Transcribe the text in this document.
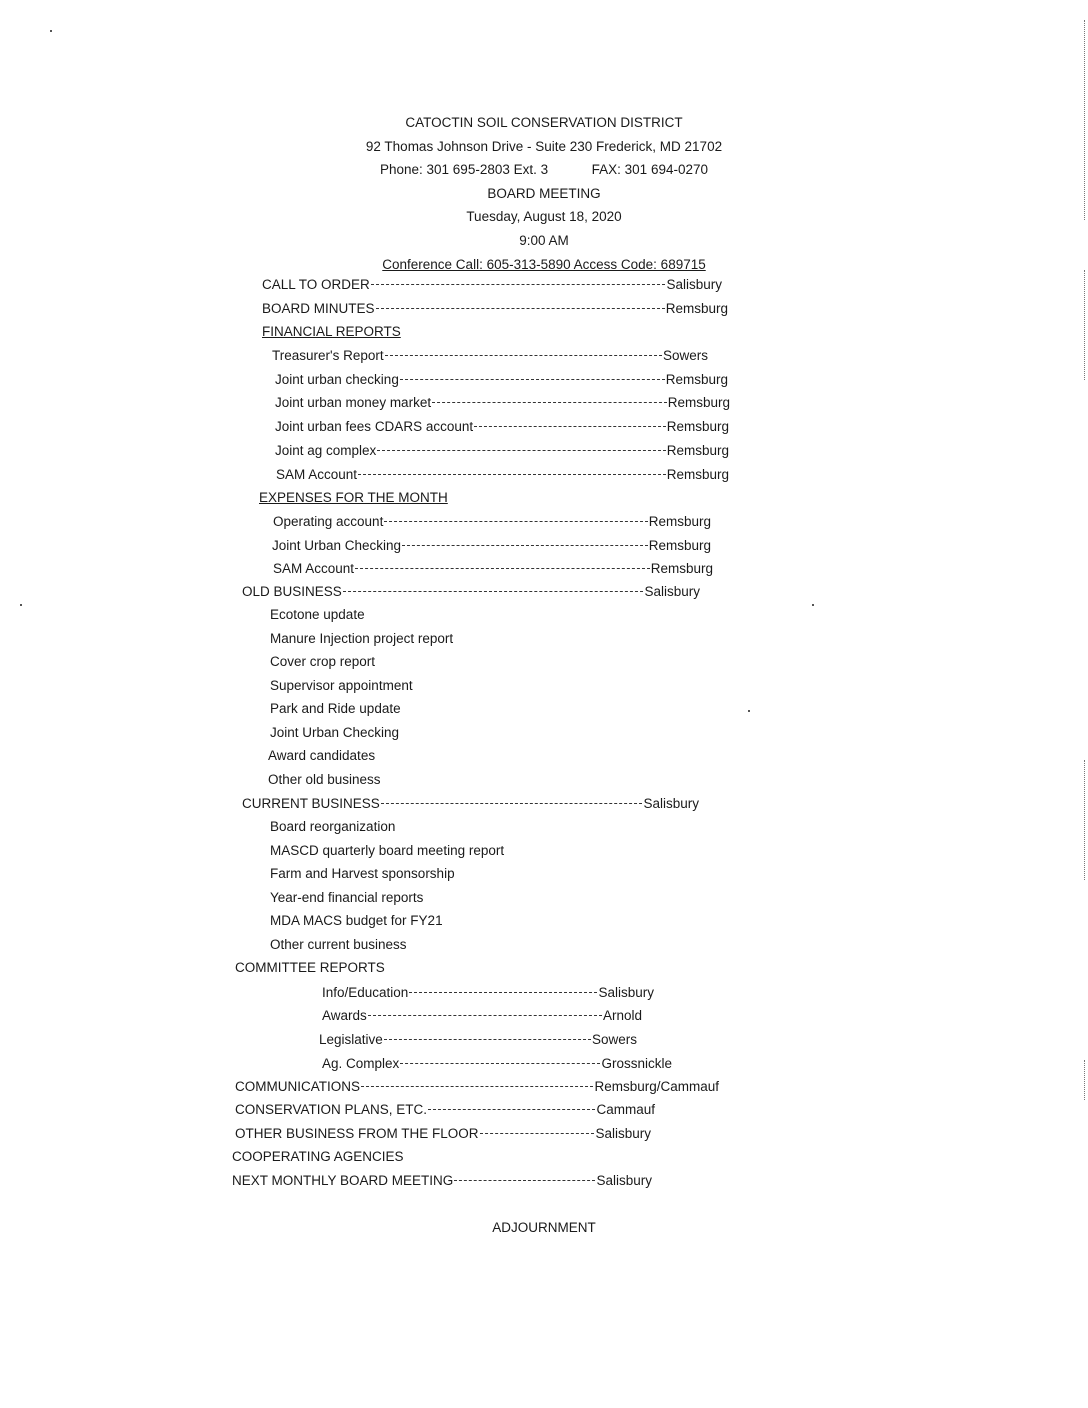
CATOCTIN SOIL CONSERVATION DISTRICT
92 Thomas Johnson Drive - Suite 230 Frederick, MD 21702
Phone: 301 695-2803 Ext. 3	FAX: 301 694-0270
BOARD MEETING
Tuesday, August 18, 2020
9:00 AM
Conference Call: 605-313-5890 Access Code: 689715
CALL TO ORDER	Salisbury
BOARD MINUTES	Remsburg
FINANCIAL REPORTS
Treasurer's Report	Sowers
Joint urban checking	Remsburg
Joint urban money market	Remsburg
Joint urban fees CDARS account	Remsburg
Joint ag complex	Remsburg
SAM Account	Remsburg
EXPENSES FOR THE MONTH
Operating account	Remsburg
Joint Urban Checking	Remsburg
SAM Account	Remsburg
OLD BUSINESS	Salisbury
Ecotone update
Manure Injection project report
Cover crop report
Supervisor appointment
Park and Ride update
Joint Urban Checking
Award candidates
Other old business
CURRENT BUSINESS	Salisbury
Board reorganization
MASCD quarterly board meeting report
Farm and Harvest sponsorship
Year-end financial reports
MDA MACS budget for FY21
Other current business
COMMITTEE REPORTS
Info/Education	Salisbury
Awards	Arnold
Legislative	Sowers
Ag. Complex	Grossnickle
COMMUNICATIONS	Remsburg/Cammauf
CONSERVATION PLANS, ETC.	Cammauf
OTHER BUSINESS FROM THE FLOOR	Salisbury
COOPERATING AGENCIES
NEXT MONTHLY BOARD MEETING	Salisbury
ADJOURNMENT
